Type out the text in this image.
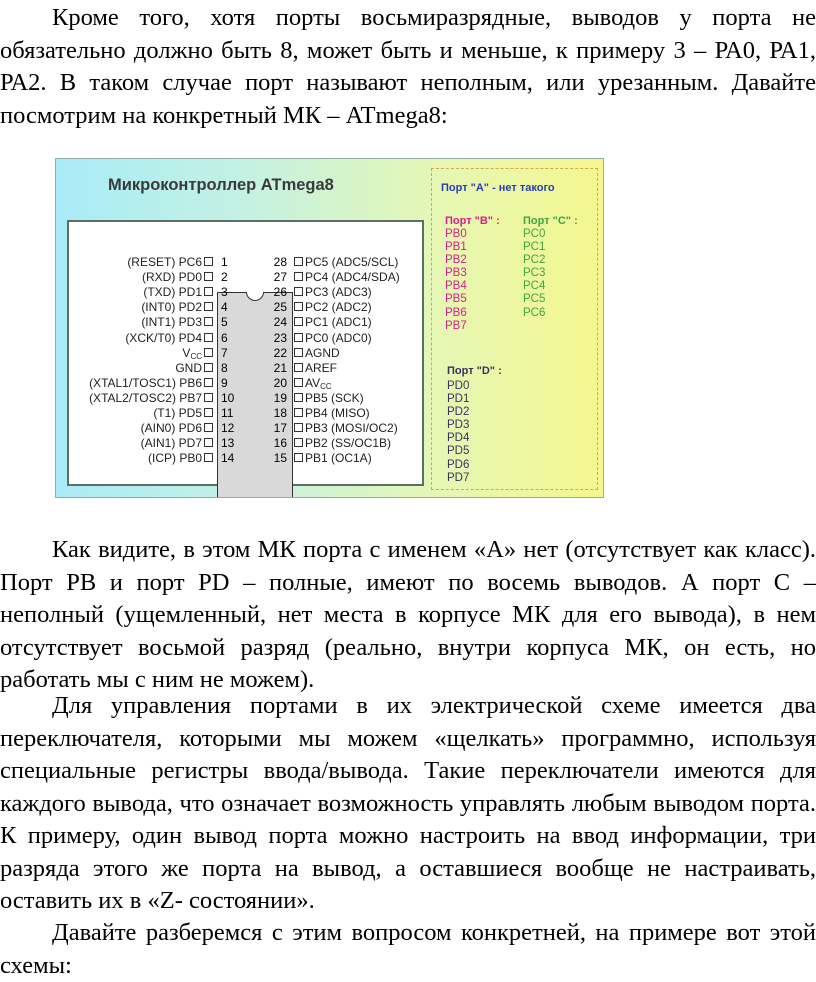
Кроме того, хотя порты восьмиразрядные, выводов у порта не обязательно должно быть 8, может быть и меньше, к примеру 3 – РА0, РА1, РА2. В таком случае порт называют неполным, или урезанным. Давайте посмотрим на конкретный МК – ATmega8:

Микроконтроллер ATmega8
(RESET) PC6	1
(RXD) PD0	2
(TXD) PD1	3
(INT0) PD2	4
(INT1) PD3	5
(XCK/T0) PD4	6
$V_{CC}$	7
GND	8
(XTAL1/TOSC1) PB6	9
(XTAL2/TOSC2) PB7	10
(T1) PD5	11
(AIN0) PD6	12
(AIN1) PD7	13
(ICP) PB0	14
28	PC5 (ADC5/SCL)
27	PC4 (ADC4/SDA)
26	PC3 (ADC3)
25	PC2 (ADC2)
24	PC1 (ADC1)
23	PC0 (ADC0)
22	AGND
21	AREF
20	$AV_{CC}$
19	PB5 (SCK)
18	PB4 (MISO)
17	PB3 (MOSI/OC2)
16	PB2 (SS/OC1B)
15	PB1 (OC1A)
Порт "A" - нет такого
Порт "B" :
PB0
PB1
PB2
PB3
PB4
PB5
PB6
PB7
Порт "C" :
PC0
PC1
PC2
PC3
PC4
PC5
PC6
Порт "D" :
PD0
PD1
PD2
PD3
PD4
PD5
PD6
PD7

Как видите, в этом МК порта с именем «А» нет (отсутствует как класс). Порт PB и порт PD – полные, имеют по восемь выводов. А порт С – неполный (ущемленный, нет места в корпусе МК для его вывода), в нем отсутствует восьмой разряд (реально, внутри корпуса МК, он есть, но работать мы с ним не можем).

Для управления портами в их электрической схеме имеется два переключателя, которыми мы можем «щелкать» программно, используя специальные регистры ввода/вывода. Такие переключатели имеются для каждого вывода, что означает возможность управлять любым выводом порта. К примеру, один вывод порта можно настроить на ввод информации, три разряда этого же порта на вывод, а оставшиеся вообще не настраивать, оставить их в «Z- состоянии».

Давайте разберемся с этим вопросом конкретней, на примере вот этой схемы:
